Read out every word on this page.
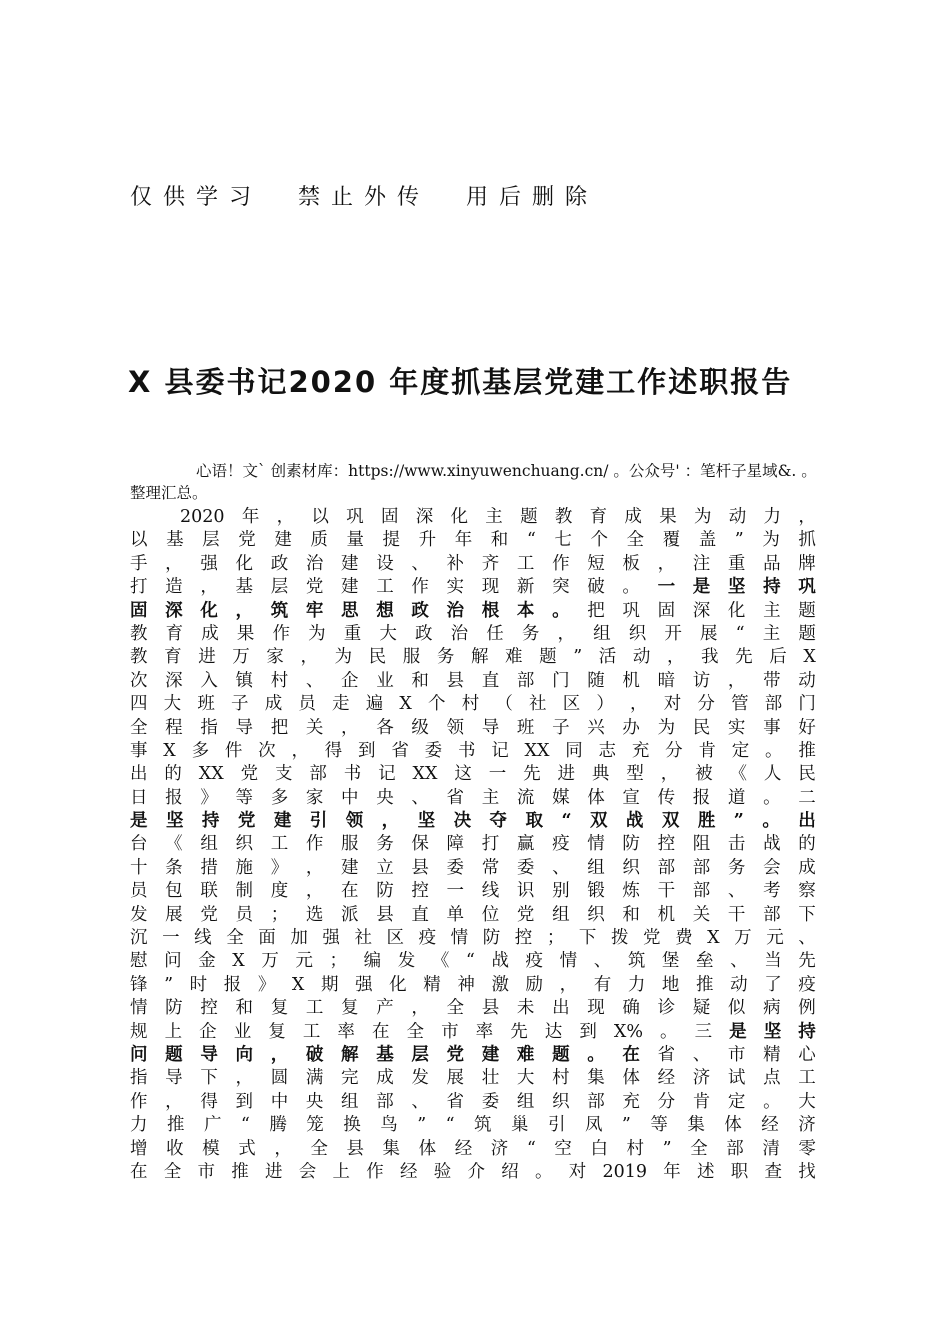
仅供学习  禁止外传  用后删除
X 县委书记2020 年度抓基层党建工作述职报告
心语！文` 创素材库：https://www.xinyuwenchuang.cn/ 。公众号' ：笔杆子星域&. 。
整理汇总。
2020 年 ， 以 巩 固 深 化 主 题 教 育 成 果 为 动 力 ，
以 基 层 党 建 质 量 提 升 年 和 “ 七 个 全 覆 盖 ” 为 抓
手 ， 强 化 政 治 建 设 、 补 齐 工 作 短 板 ， 注 重 品 牌
打 造 ， 基 层 党 建 工 作 实 现 新 突 破 。 一 是 坚 持 巩
固 深 化 ， 筑 牢 思 想 政 治 根 本 。 把 巩 固 深 化 主 题
教 育 成 果 作 为 重 大 政 治 任 务 ， 组 织 开 展 “ 主 题
教 育 进 万 家 ， 为 民 服 务 解 难 题 ” 活 动 ， 我 先 后 X
次 深 入 镇 村 、 企 业 和 县 直 部 门 随 机 暗 访 ， 带 动
四 大 班 子 成 员 走 遍 X 个 村 （ 社 区 ） ， 对 分 管 部 门
全 程 指 导 把 关 ， 各 级 领 导 班 子 兴 办 为 民 实 事 好
事 X 多 件 次 ， 得 到 省 委 书 记 XX 同 志 充 分 肯 定 。 推
出 的 XX 党 支 部 书 记 XX 这 一 先 进 典 型 ， 被 《 人 民
日 报 》 等 多 家 中 央 、 省 主 流 媒 体 宣 传 报 道 。 二
是 坚 持 党 建 引 领 ， 坚 决 夺 取 “ 双 战 双 胜 ” 。 出
台 《 组 织 工 作 服 务 保 障 打 赢 疫 情 防 控 阻 击 战 的
十 条 措 施 》 ， 建 立 县 委 常 委 、 组 织 部 部 务 会 成
员 包 联 制 度 ， 在 防 控 一 线 识 别 锻 炼 干 部 、 考 察
发 展 党 员 ； 选 派 县 直 单 位 党 组 织 和 机 关 干 部 下
沉 一 线 全 面 加 强 社 区 疫 情 防 控 ； 下 拨 党 费 X 万 元 、
慰 问 金 X 万 元 ； 编 发 《 “ 战 疫 情 、 筑 堡 垒 、 当 先
锋 ” 时 报 》 X 期 强 化 精 神 激 励 ， 有 力 地 推 动 了 疫
情 防 控 和 复 工 复 产 ， 全 县 未 出 现 确 诊 疑 似 病 例
规 上 企 业 复 工 率 在 全 市 率 先 达 到 X% 。 三 是 坚 持
问 题 导 向 ， 破 解 基 层 党 建 难 题 。 在 省 、 市 精 心
指 导 下 ， 圆 满 完 成 发 展 壮 大 村 集 体 经 济 试 点 工
作 ， 得 到 中 央 组 部 、 省 委 组 织 部 充 分 肯 定 。 大
力 推 广 “ 腾 笼 换 鸟 ” “ 筑 巢 引 凤 ” 等 集 体 经 济
增 收 模 式 ， 全 县 集 体 经 济 “ 空 白 村 ” 全 部 清 零
在 全 市 推 进 会 上 作 经 验 介 绍 。 对 2019 年 述 职 查 找
